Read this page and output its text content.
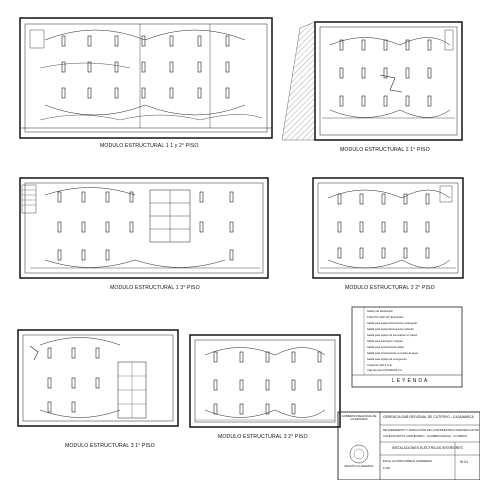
MODULO ESTRUCTURAL 1 1 y 2° PISO
MODULO ESTRUCTURAL 2 1° PISO
MODULO ESTRUCTURAL 1 3° PISO	MODULO ESTRUCTURAL 2 2° PISO
MODULO ESTRUCTURAL 3 1° PISO
MODULO ESTRUCTURAL 3 2° PISO
Tablero de distribución
Tubo PVC SAP 3/4" Empotrado
Salida para equipo fluorescente rectangular
Salida para equipo fluorescente redondo
Salida para equipo de iluminación en pared
Salida para interruptor unipolar
Salida para tomacorriente doble
Salida para tomacorriente a prueba de agua
Salida para equipo de emergencia
Conductor 2#1.5 mm²
Caja de paso 100x100x50 mm
LEYENDA
GOBIERNO REGIONAL DE CAJAMARCA
REGIÓN CAJAMARCA
GERENCIA SUB REGIONAL DE CUTERVO - CAJAMARCA
MEJORAMIENTO Y AMPLIACIÓN DE LA INFRAESTRUCTURA EDUCATIVA
COLEGIO MIXTO CENTENARIO - HUAMBOCANCHA - CUTERVO
INSTALACIONES ELÉCTRICAS INTERIORES
ESCH. ALONSO PAREJA GUERRERO
1/100
IE-01
